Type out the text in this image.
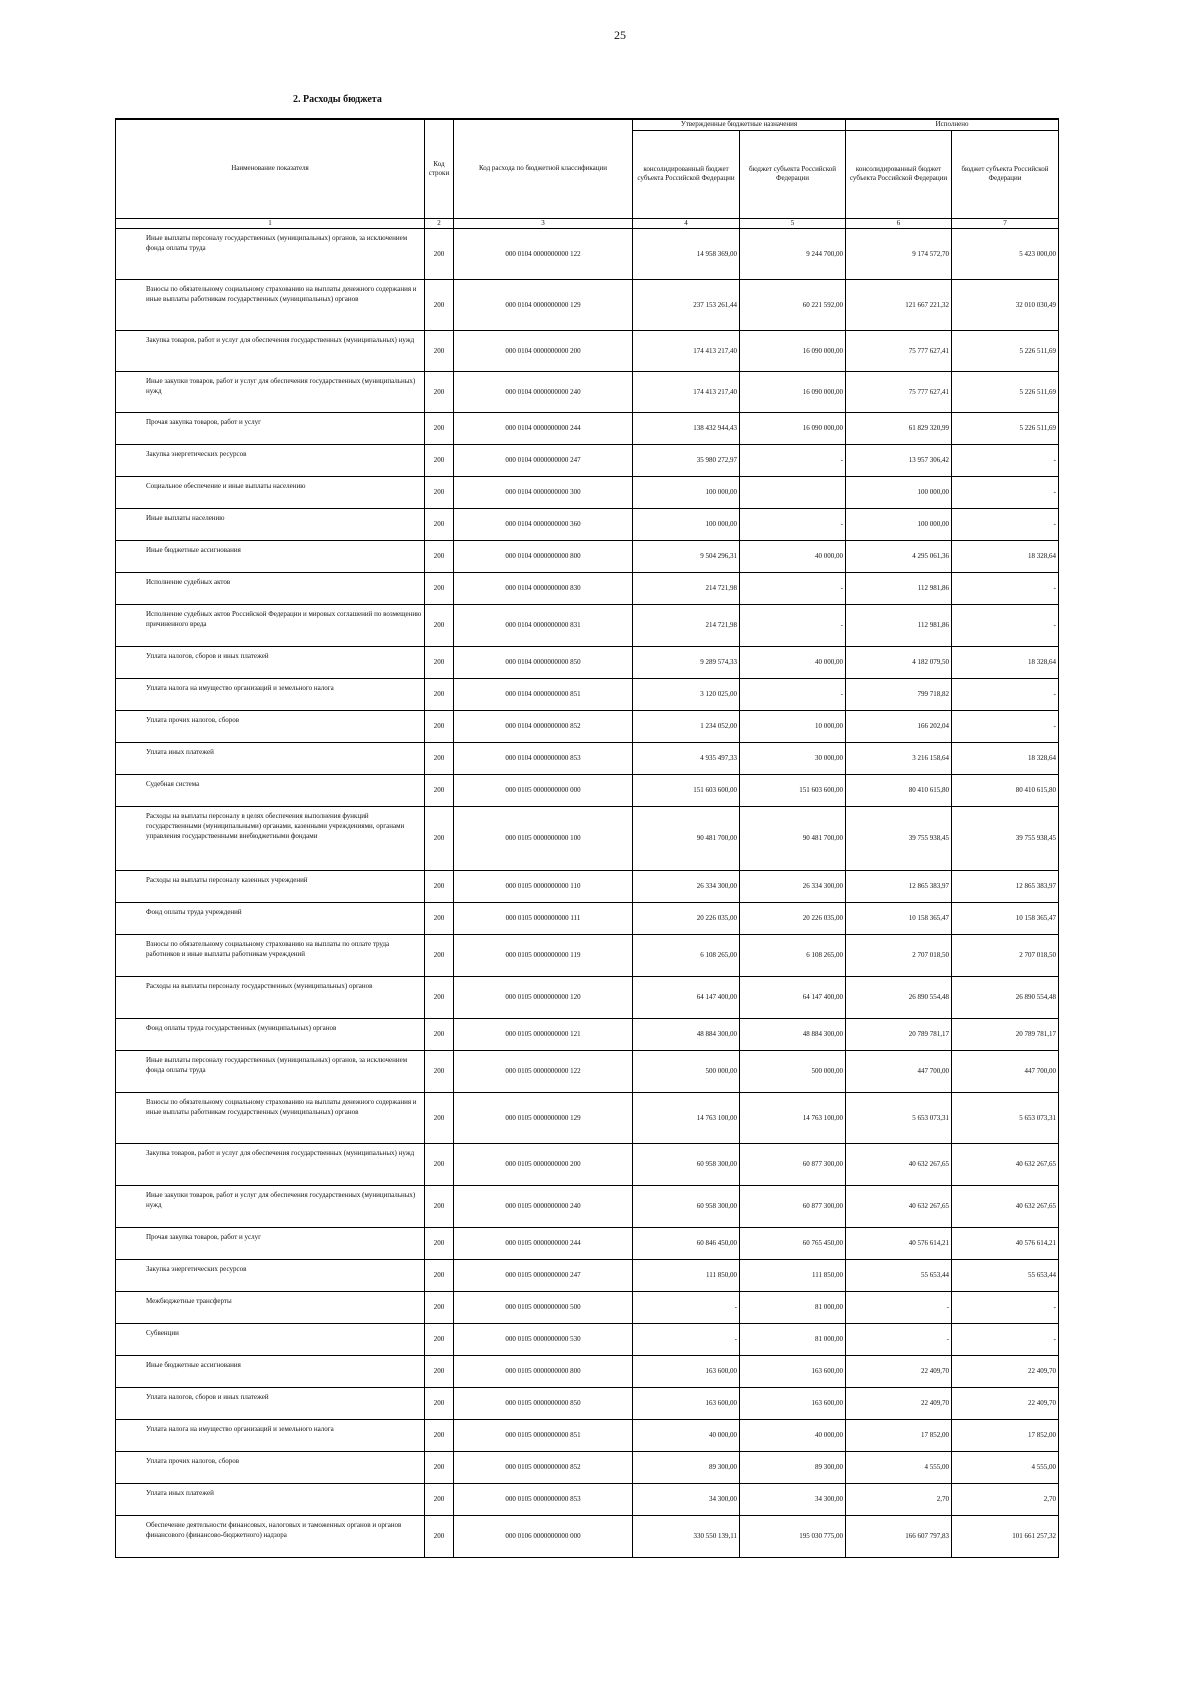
25
2. Расходы бюджета
Наименование показателя	Код строки	Код расхода по бюджетной классификации	Утвержденные бюджетные назначения		Исполнено	
			консолидированный бюджет субъекта Российской Федерации	бюджет субъекта Российской Федерации	консолидированный бюджет субъекта Российской Федерации	бюджет субъекта Российской Федерации
1	2	3	4	5	6	7
Иные выплаты персоналу государственных (муниципальных) органов, за исключением фонда оплаты труда	200	000 0104 0000000000 122	14 958 369,00	9 244 700,00	9 174 572,70	5 423 000,00
Взносы по обязательному социальному страхованию на выплаты денежного содержания и иные выплаты работникам государственных (муниципальных) органов	200	000 0104 0000000000 129	237 153 261,44	60 221 592,00	121 667 221,32	32 010 030,49
Закупка товаров, работ и услуг для обеспечения государственных (муниципальных) нужд	200	000 0104 0000000000 200	174 413 217,40	16 090 000,00	75 777 627,41	5 226 511,69
Иные закупки товаров, работ и услуг для обеспечения государственных (муниципальных) нужд	200	000 0104 0000000000 240	174 413 217,40	16 090 000,00	75 777 627,41	5 226 511,69
Прочая закупка товаров, работ и услуг	200	000 0104 0000000000 244	138 432 944,43	16 090 000,00	61 829 320,99	5 226 511,69
Закупка энергетических ресурсов	200	000 0104 0000000000 247	35 980 272,97	-	13 957 306,42	-
Социальное обеспечение и иные выплаты населению	200	000 0104 0000000000 300	100 000,00		100 000,00	-
Иные выплаты населению	200	000 0104 0000000000 360	100 000,00	-	100 000,00	-
Иные бюджетные ассигнования	200	000 0104 0000000000 800	9 504 296,31	40 000,00	4 295 061,36	18 328,64
Исполнение судебных актов	200	000 0104 0000000000 830	214 721,98	-	112 981,86	-
Исполнение судебных актов Российской Федерации и мировых соглашений по возмещению причиненного вреда	200	000 0104 0000000000 831	214 721,98	-	112 981,86	-
Уплата налогов, сборов и иных платежей	200	000 0104 0000000000 850	9 289 574,33	40 000,00	4 182 079,50	18 328,64
Уплата налога на имущество организаций и земельного налога	200	000 0104 0000000000 851	3 120 025,00	-	799 718,82	-
Уплата прочих налогов, сборов	200	000 0104 0000000000 852	1 234 052,00	10 000,00	166 202,04	-
Уплата иных платежей	200	000 0104 0000000000 853	4 935 497,33	30 000,00	3 216 158,64	18 328,64
Судебная система	200	000 0105 0000000000 000	151 603 600,00	151 603 600,00	80 410 615,80	80 410 615,80
Расходы на выплаты персоналу в целях обеспечения выполнения функций государственными (муниципальными) органами, казенными учреждениями, органами управления государственными внебюджетными фондами	200	000 0105 0000000000 100	90 481 700,00	90 481 700,00	39 755 938,45	39 755 938,45
Расходы на выплаты персоналу казенных учреждений	200	000 0105 0000000000 110	26 334 300,00	26 334 300,00	12 865 383,97	12 865 383,97
Фонд оплаты труда учреждений	200	000 0105 0000000000 111	20 226 035,00	20 226 035,00	10 158 365,47	10 158 365,47
Взносы по обязательному социальному страхованию на выплаты по оплате труда работников и иные выплаты работникам учреждений	200	000 0105 0000000000 119	6 108 265,00	6 108 265,00	2 707 018,50	2 707 018,50
Расходы на выплаты персоналу государственных (муниципальных) органов	200	000 0105 0000000000 120	64 147 400,00	64 147 400,00	26 890 554,48	26 890 554,48
Фонд оплаты труда государственных (муниципальных) органов	200	000 0105 0000000000 121	48 884 300,00	48 884 300,00	20 789 781,17	20 789 781,17
Иные выплаты персоналу государственных (муниципальных) органов, за исключением фонда оплаты труда	200	000 0105 0000000000 122	500 000,00	500 000,00	447 700,00	447 700,00
Взносы по обязательному социальному страхованию на выплаты денежного содержания и иные выплаты работникам государственных (муниципальных) органов	200	000 0105 0000000000 129	14 763 100,00	14 763 100,00	5 653 073,31	5 653 073,31
Закупка товаров, работ и услуг для обеспечения государственных (муниципальных) нужд	200	000 0105 0000000000 200	60 958 300,00	60 877 300,00	40 632 267,65	40 632 267,65
Иные закупки товаров, работ и услуг для обеспечения государственных (муниципальных) нужд	200	000 0105 0000000000 240	60 958 300,00	60 877 300,00	40 632 267,65	40 632 267,65
Прочая закупка товаров, работ и услуг	200	000 0105 0000000000 244	60 846 450,00	60 765 450,00	40 576 614,21	40 576 614,21
Закупка энергетических ресурсов	200	000 0105 0000000000 247	111 850,00	111 850,00	55 653,44	55 653,44
Межбюджетные трансферты	200	000 0105 0000000000 500	-	81 000,00	-	-
Субвенции	200	000 0105 0000000000 530	-	81 000,00	-	-
Иные бюджетные ассигнования	200	000 0105 0000000000 800	163 600,00	163 600,00	22 409,70	22 409,70
Уплата налогов, сборов и иных платежей	200	000 0105 0000000000 850	163 600,00	163 600,00	22 409,70	22 409,70
Уплата налога на имущество организаций и земельного налога	200	000 0105 0000000000 851	40 000,00	40 000,00	17 852,00	17 852,00
Уплата прочих налогов, сборов	200	000 0105 0000000000 852	89 300,00	89 300,00	4 555,00	4 555,00
Уплата иных платежей	200	000 0105 0000000000 853	34 300,00	34 300,00	2,70	2,70
Обеспечение деятельности финансовых, налоговых и таможенных органов и органов финансового (финансово-бюджетного) надзора	200	000 0106 0000000000 000	330 550 139,11	195 030 775,00	166 607 797,83	101 661 257,32
